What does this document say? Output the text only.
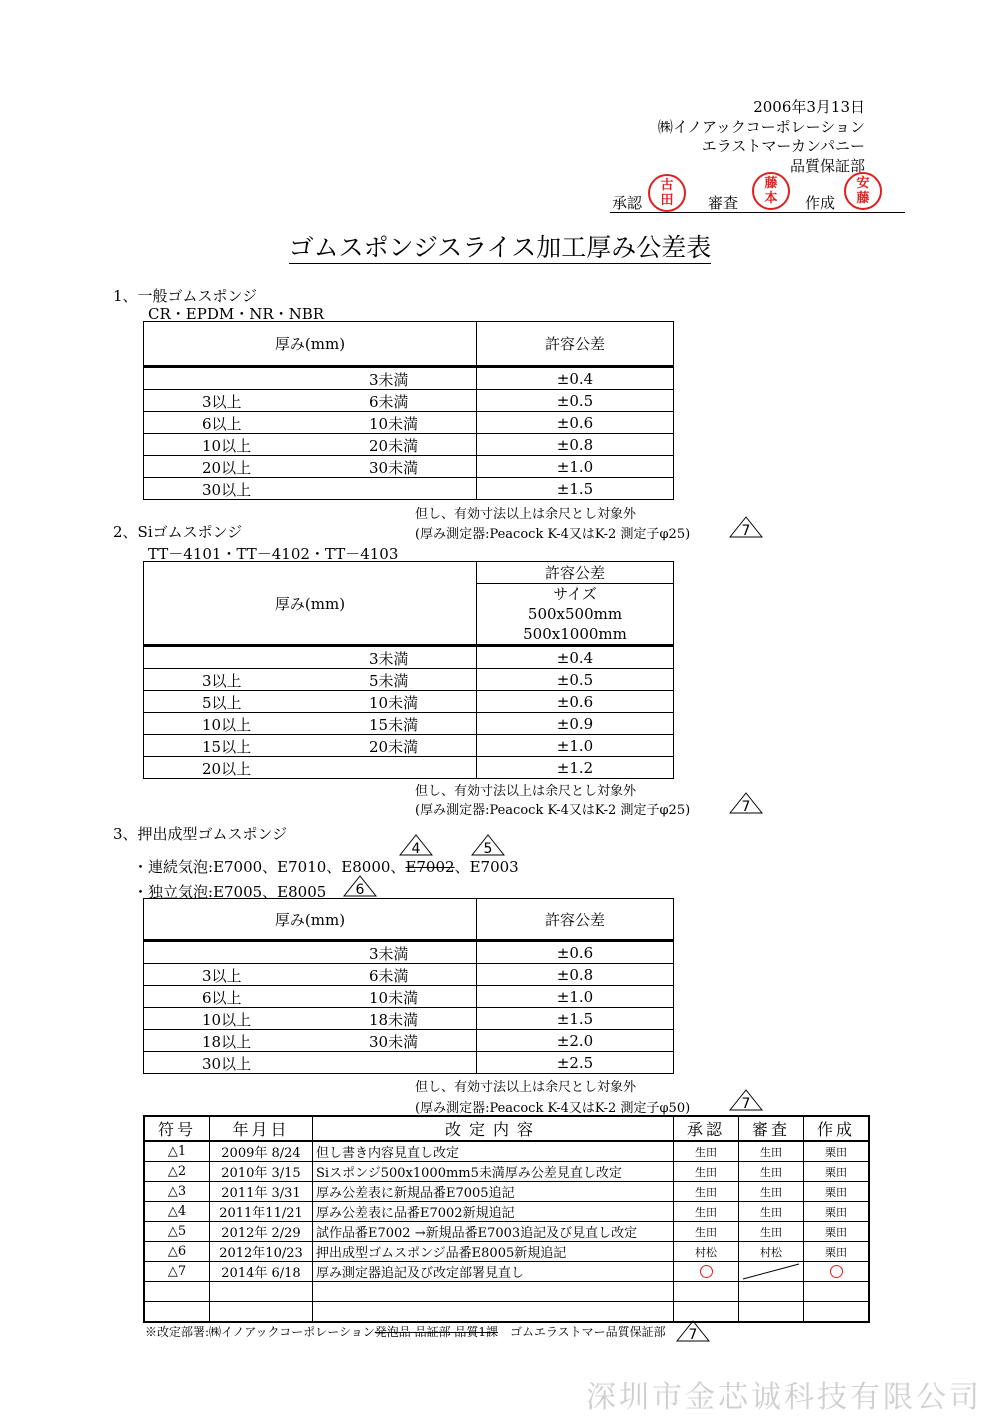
2006年3月13日
㈱イノアックコーポレーション
エラストマーカンパニー
品質保証部
承認
古
田 審査
藤
本 作成
安
藤
ゴムスポンジスライス加工厚み公差表
1、一般ゴムスポンジ
CR・EPDM・NR・NBR
厚み(mm)	許容公差

3未満	±0.4

3以上 6未満	±0.5

6以上 10未満	±0.6

10以上 20未満	±0.8

20以上 30未満	±1.0

30以上	±1.5
但し、有効寸法以上は余尺とし対象外
(厚み測定器:Peacock K-4又はK-2 測定子φ25)	7
2、Siゴムスポンジ
TT－4101・TT－4102・TT－4103
厚み(mm)	許容公差

	サイズ
500x500mm
500x1000mm

3未満	±0.4

3以上 5未満	±0.5

5以上 10未満	±0.6

10以上 15未満	±0.9

15以上 20未満	±1.0

20以上	±1.2
但し、有効寸法以上は余尺とし対象外
(厚み測定器:Peacock K-4又はK-2 測定子φ25)	7
3、押出成型ゴムスポンジ
4	5
・連続気泡:E7000、E7010、E8000、E7002、E7003
・独立気泡:E7005、E8005 6
厚み(mm)	許容公差

3未満	±0.6

3以上 6未満	±0.8

6以上 10未満	±1.0

10以上 18未満	±1.5

18以上 30未満	±2.0

30以上	±2.5
但し、有効寸法以上は余尺とし対象外
(厚み測定器:Peacock K-4又はK-2 測定子φ50)	7
符号	年月日	改定内容	承認	審査	作成
△1	2009年 8/24	但し書き内容見直し改定	生田	生田	栗田
△2	2010年 3/15	Siスポンジ500x1000mm5未満厚み公差見直し改定	生田	生田	栗田
△3	2011年 3/31	厚み公差表に新規品番E7005追記	生田	生田	栗田
△4	2011年11/21	厚み公差表に品番E7002新規追記	生田	生田	栗田
△5	2012年 2/29	試作品番E7002 →新規品番E7003追記及び見直し改定	生田	生田	栗田
△6	2012年10/23	押出成型ゴムスポンジ品番E8005新規追記	村松	村松	栗田
△7	2014年 6/18	厚み測定器追記及び改定部署見直し		

※改定部署:㈱イノアックコーポレーション発泡品 品証部 品質1課　ゴムエラストマー品質保証部 7
深圳市金芯诚科技有限公司
